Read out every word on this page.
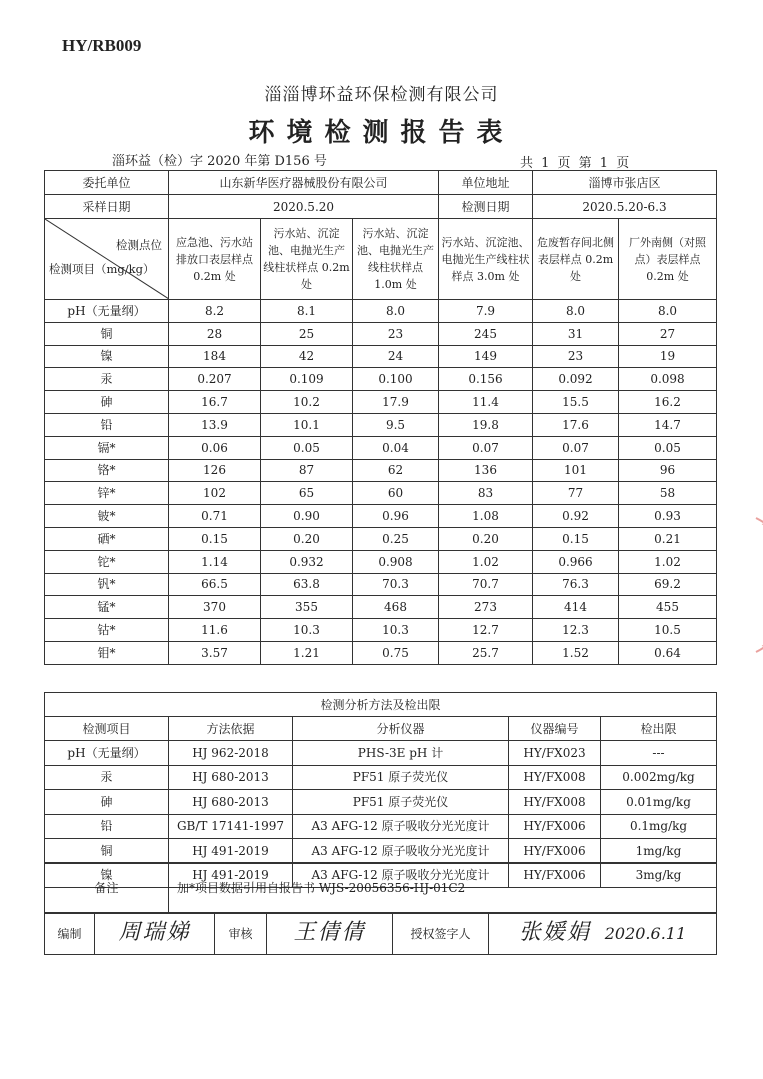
HY/RB009
淄淄博环益环保检测有限公司
环境检测报告表
淄环益（检）字 2020 年第 D156 号	共 1 页 第 1 页
委托单位	山东新华医疗器械股份有限公司			单位地址	淄博市张店区	
采样日期	2020.5.20			检测日期	2020.5.20-6.3	

检测点位
检测项目（mg/kg）	应急池、污水站排放口表层样点 0.2m 处	污水站、沉淀池、电抛光生产线柱状样点 0.2m 处	污水站、沉淀池、电抛光生产线柱状样点 1.0m 处	污水站、沉淀池、电抛光生产线柱状样点 3.0m 处	危废暂存间北侧表层样点 0.2m 处	厂外南侧（对照点）表层样点 0.2m 处
pH（无量纲）	8.2	8.1	8.0	7.9	8.0	8.0
铜	28	25	23	245	31	27
镍	184	42	24	149	23	19
汞	0.207	0.109	0.100	0.156	0.092	0.098
砷	16.7	10.2	17.9	11.4	15.5	16.2
铅	13.9	10.1	9.5	19.8	17.6	14.7
镉*	0.06	0.05	0.04	0.07	0.07	0.05
铬*	126	87	62	136	101	96
锌*	102	65	60	83	77	58
铍*	0.71	0.90	0.96	1.08	0.92	0.93
硒*	0.15	0.20	0.25	0.20	0.15	0.21
铊*	1.14	0.932	0.908	1.02	0.966	1.02
钒*	66.5	63.8	70.3	70.7	76.3	69.2
锰*	370	355	468	273	414	455
钴*	11.6	10.3	10.3	12.7	12.3	10.5
钼*	3.57	1.21	0.75	25.7	1.52	0.64
检测分析方法及检出限				
检测项目	方法依据	分析仪器	仪器编号	检出限
pH（无量纲）	HJ 962-2018	PHS-3E pH 计	HY/FX023	---
汞	HJ 680-2013	PF51 原子荧光仪	HY/FX008	0.002mg/kg
砷	HJ 680-2013	PF51 原子荧光仪	HY/FX008	0.01mg/kg
铅	GB/T 17141-1997	A3 AFG-12 原子吸收分光光度计	HY/FX006	0.1mg/kg
铜	HJ 491-2019	A3 AFG-12 原子吸收分光光度计	HY/FX006	1mg/kg
镍	HJ 491-2019	A3 AFG-12 原子吸收分光光度计	HY/FX006	3mg/kg
备注	加*项目数据引用自报告书 WJS-20056356-HJ-01C2
编制	周瑞娣	审核	王倩倩	授权签字人	张媛娟 2020.6.11
